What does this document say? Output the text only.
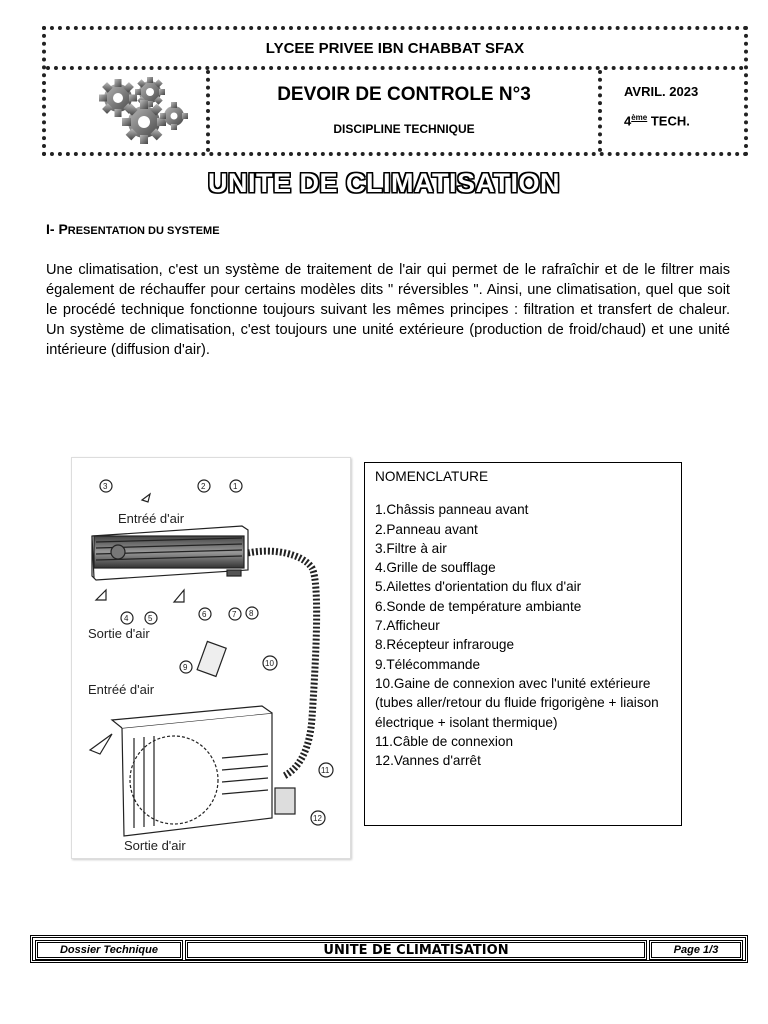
LYCEE PRIVEE IBN CHABBAT SFAX
DEVOIR DE CONTROLE N°3
DISCIPLINE TECHNIQUE
AVRIL. 2023
4ème TECH.
UNITE DE CLIMATISATION
I- PRESENTATION DU SYSTEME
Une climatisation, c'est un système de traitement de l'air qui permet de le rafraîchir et de le filtrer mais également de réchauffer pour certains modèles dits " réversibles ". Ainsi, une climatisation, quel que soit le procédé technique fonctionne toujours suivant les mêmes principes : filtration et transfert de chaleur. Un système de climatisation, c'est toujours une unité extérieure (production de froid/chaud) et une unité intérieure (diffusion d'air).
Entréé d'air
Sortie d'air
Entréé d'air
Sortie d'air
1
2
3
4 5	6	7 8
9	10
11
12
NOMENCLATURE
1.Châssis panneau avant
2.Panneau avant
3.Filtre à air
4.Grille de soufflage
5.Ailettes d'orientation du flux d'air
6.Sonde de température ambiante
7.Afficheur
8.Récepteur infrarouge
9.Télécommande
10.Gaine de connexion avec l'unité extérieure (tubes aller/retour du fluide frigorigène + liaison électrique + isolant thermique)
11.Câble de connexion
12.Vannes d'arrêt
Dossier Technique	UNITE DE CLIMATISATION	Page 1/3
